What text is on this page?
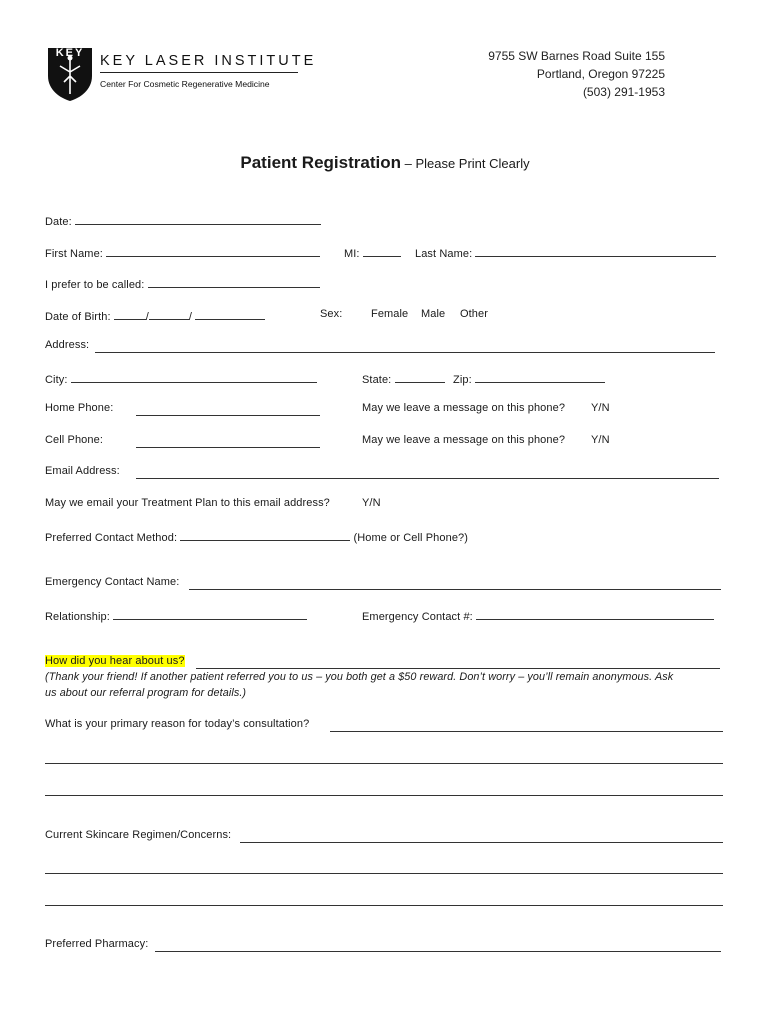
KEY	KEY LASER INSTITUTE
Center For Cosmetic Regenerative Medicine
9755 SW Barnes Road Suite 155
Portland, Oregon 97225
(503) 291-1953
Patient Registration – Please Print Clearly
Date:
First Name:	MI:	Last Name:
I prefer to be called:
Date of Birth:	/	/	Sex:	Female Male Other
Address:
City:	State:	Zip:
Home Phone:	May we leave a message on this phone? Y/N
Cell Phone:	May we leave a message on this phone? Y/N
Email Address:
May we email your Treatment Plan to this email address?	Y/N
Preferred Contact Method:	(Home or Cell Phone?)
Emergency Contact Name:
Relationship:	Emergency Contact #:
How did you hear about us?
(Thank your friend! If another patient referred you to us – you both get a $50 reward. Don’t worry – you’ll remain anonymous. Ask
us about our referral program for details.)
What is your primary reason for today’s consultation?
Current Skincare Regimen/Concerns:
Preferred Pharmacy:
